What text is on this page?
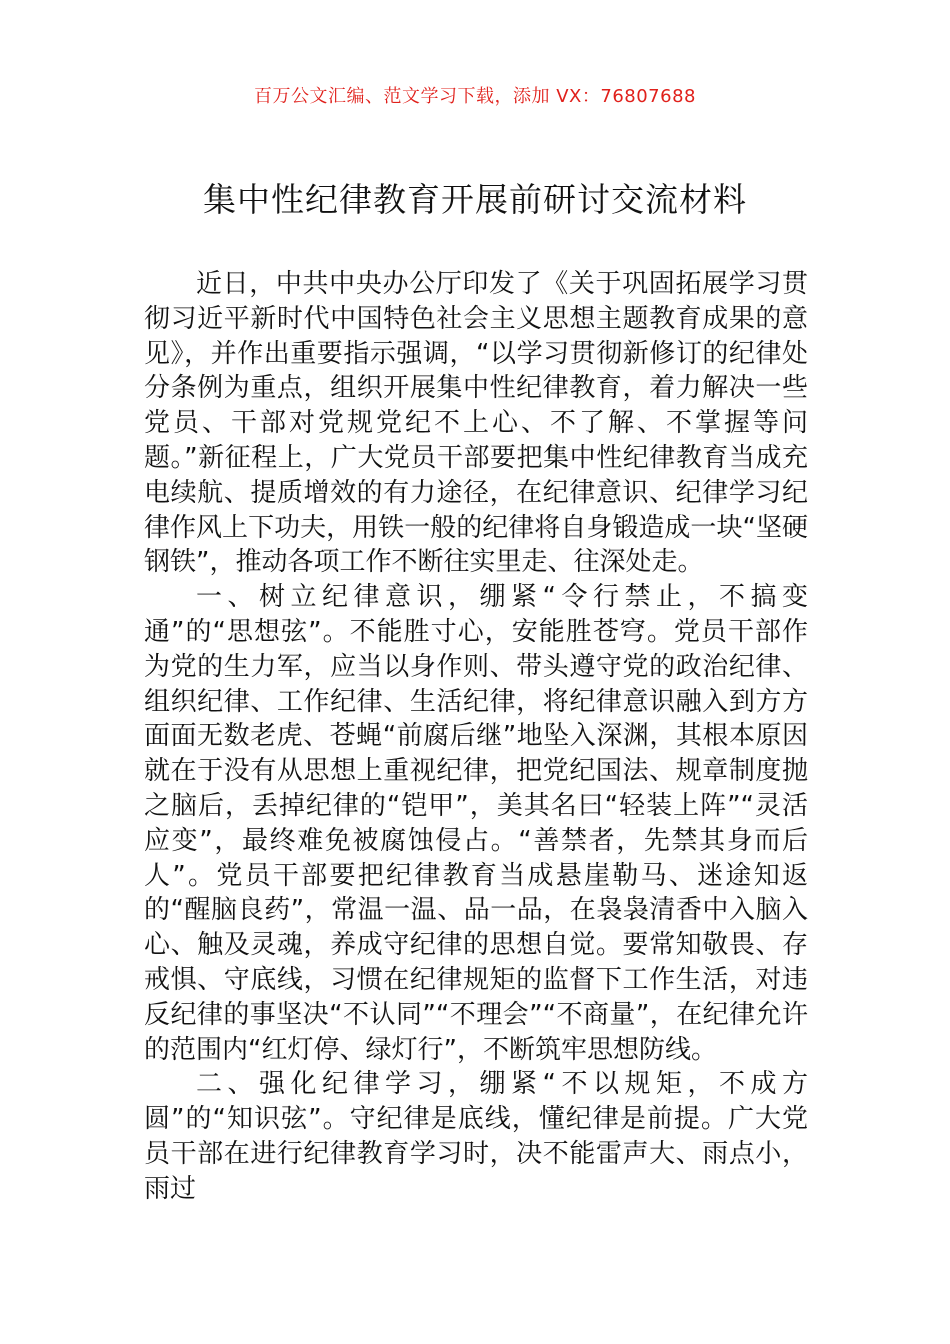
百万公文汇编、范文学习下载，添加 VX：76807688
集中性纪律教育开展前研讨交流材料

近日，中共中央办公厅印发了《关于巩固拓展学习贯彻习近平新时代中国特色社会主义思想主题教育成果的意见》，并作出重要指示强调，“以学习贯彻新修订的纪律处分条例为重点，组织开展集中性纪律教育，着力解决一些党员、干部对党规党纪不上心、不了解、不掌握等问题。”新征程上，广大党员干部要把集中性纪律教育当成充电续航、提质增效的有力途径，在纪律意识、纪律学习纪律作风上下功夫，用铁一般的纪律将自身锻造成一块“坚硬钢铁”，推动各项工作不断往实里走、往深处走。

一、树立纪律意识，绷紧“令行禁止，不搞变通”的“思想弦”。不能胜寸心，安能胜苍穹。党员干部作为党的生力军，应当以身作则、带头遵守党的政治纪律、组织纪律、工作纪律、生活纪律，将纪律意识融入到方方面面无数老虎、苍蝇“前腐后继”地坠入深渊，其根本原因就在于没有从思想上重视纪律，把党纪国法、规章制度抛之脑后，丢掉纪律的“铠甲”，美其名曰“轻装上阵”“灵活应变”，最终难免被腐蚀侵占。“善禁者，先禁其身而后人”。党员干部要把纪律教育当成悬崖勒马、迷途知返的“醒脑良药”，常温一温、品一品，在袅袅清香中入脑入心、触及灵魂，养成守纪律的思想自觉。要常知敬畏、存戒惧、守底线，习惯在纪律规矩的监督下工作生活，对违反纪律的事坚决“不认同”“不理会”“不商量”，在纪律允许的范围内“红灯停、绿灯行”，不断筑牢思想防线。

二、强化纪律学习，绷紧“不以规矩，不成方圆”的“知识弦”。守纪律是底线，懂纪律是前提。广大党员干部在进行纪律教育学习时，决不能雷声大、雨点小，雨过
